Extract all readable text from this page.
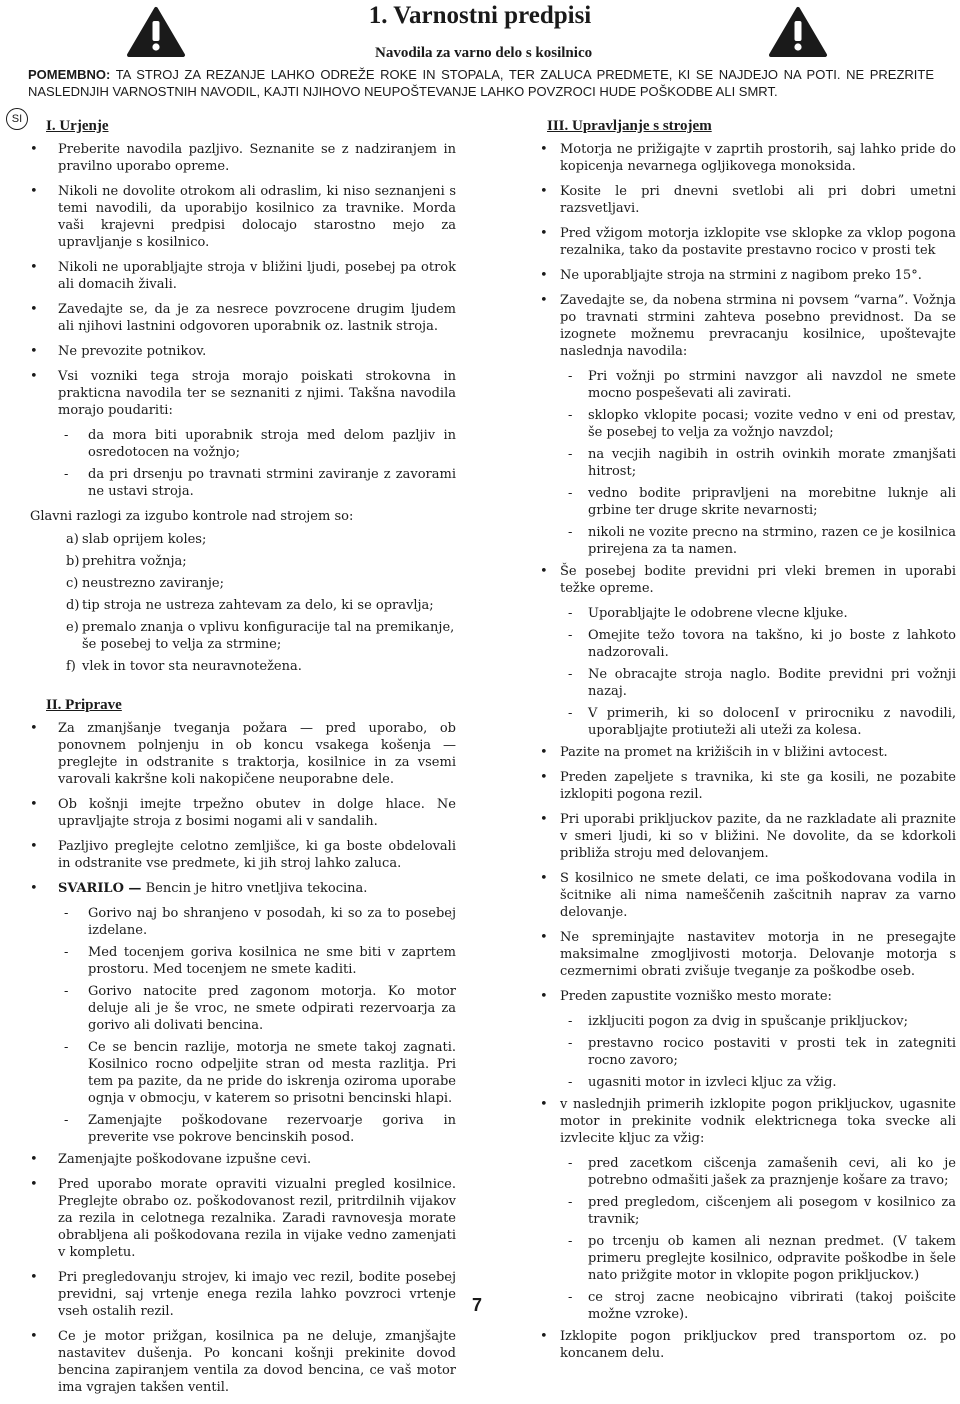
1. Varnostni predpisi
Navodila za varno delo s kosilnico
POMEMBNO: TA STROJ ZA REZANJE LAHKO ODREŽE ROKE IN STOPALA, TER ZALUCA PREDMETE, KI SE NAJDEJO NA POTI. NE PREZRITE NASLEDNJIH VARNOSTNIH NAVODIL, KAJTI NJIHOVO NEUPOŠTEVANJE LAHKO POVZROCI HUDE POŠKODBE ALI SMRT.
SI	I. Urjenje

• Preberite navodila pazljivo. Seznanite se z nadziranjem in pravilno uporabo opreme.

• Nikoli ne dovolite otrokom ali odraslim, ki niso seznanjeni s temi navodili, da uporabijo kosilnico za travnike. Morda vaši krajevni predpisi dolocajo starostno mejo za upravljanje s kosilnico.

• Nikoli ne uporabljajte stroja v bližini ljudi, posebej pa otrok ali domacih živali.

• Zavedajte se, da je za nesrece povzrocene drugim ljudem ali njihovi lastnini odgovoren uporabnik oz. lastnik stroja.

• Ne prevozite potnikov.

• Vsi vozniki tega stroja morajo poiskati strokovna in prakticna navodila ter se seznaniti z njimi. Takšna navodila morajo poudariti:

- da mora biti uporabnik stroja med delom pazljiv in osredotocen na vožnjo;

- da pri drsenju po travnati strmini zaviranje z zavorami ne ustavi stroja.

Glavni razlogi za izgubo kontrole nad strojem so:

a) slab oprijem koles;

b) prehitra vožnja;

c) neustrezno zaviranje;

d) tip stroja ne ustreza zahtevam za delo, ki se opravlja;

e) premalo znanja o vplivu konfiguracije tal na premikanje, še posebej to velja za strmine;

f) vlek in tovor sta neuravnotežena.

II. Priprave

• Za zmanjšanje tveganja požara — pred uporabo, ob ponovnem polnjenju in ob koncu vsakega košenja — preglejte in odstranite s traktorja, kosilnice in za vsemi varovali kakršne koli nakopičene neuporabne dele.

• Ob košnji imejte trpežno obutev in dolge hlace. Ne upravljajte stroja z bosimi nogami ali v sandalih.

• Pazljivo preglejte celotno zemljišce, ki ga boste obdelovali in odstranite vse predmete, ki jih stroj lahko zaluca.

• SVARILO — Bencin je hitro vnetljiva tekocina.

- Gorivo naj bo shranjeno v posodah, ki so za to posebej izdelane.

- Med tocenjem goriva kosilnica ne sme biti v zaprtem prostoru. Med tocenjem ne smete kaditi.

- Gorivo natocite pred zagonom motorja. Ko motor deluje ali je še vroc, ne smete odpirati rezervoarja za gorivo ali dolivati bencina.

- Ce se bencin razlije, motorja ne smete takoj zagnati. Kosilnico rocno odpeljite stran od mesta razlitja. Pri tem pa pazite, da ne pride do iskrenja oziroma uporabe ognja v obmocju, v katerem so prisotni bencinski hlapi.

- Zamenjajte poškodovane rezervoarje goriva in preverite vse pokrove bencinskih posod.

• Zamenjajte poškodovane izpušne cevi.

• Pred uporabo morate opraviti vizualni pregled kosilnice. Preglejte obrabo oz. poškodovanost rezil, pritrdilnih vijakov za rezila in celotnega rezalnika. Zaradi ravnovesja morate obrabljena ali poškodovana rezila in vijake vedno zamenjati v kompletu.

• Pri pregledovanju strojev, ki imajo vec rezil, bodite posebej previdni, saj vrtenje enega rezila lahko povzroci vrtenje vseh ostalih rezil.

• Ce je motor prižgan, kosilnica pa ne deluje, zmanjšajte nastavitev dušenja. Po koncani košnji prekinite dovod bencina zapiranjem ventila za dovod bencina, ce vaš motor ima vgrajen takšen ventil.

III. Upravljanje s strojem

• Motorja ne prižigajte v zaprtih prostorih, saj lahko pride do kopicenja nevarnega ogljikovega monoksida.

• Kosite le pri dnevni svetlobi ali pri dobri umetni razsvetljavi.

• Pred vžigom motorja izklopite vse sklopke za vklop pogona rezalnika, tako da postavite prestavno rocico v prosti tek

• Ne uporabljajte stroja na strmini z nagibom preko 15°.

• Zavedajte se, da nobena strmina ni povsem “varna”. Vožnja po travnati strmini zahteva posebno previdnost. Da se izognete možnemu prevracanju kosilnice, upoštevajte naslednja navodila:

- Pri vožnji po strmini navzgor ali navzdol ne smete mocno pospeševati ali zavirati.

- sklopko vklopite pocasi; vozite vedno v eni od prestav, še posebej to velja za vožnjo navzdol;

- na vecjih nagibih in ostrih ovinkih morate zmanjšati hitrost;

- vedno bodite pripravljeni na morebitne luknje ali grbine ter druge skrite nevarnosti;

- nikoli ne vozite precno na strmino, razen ce je kosilnica prirejena za ta namen.

• Še posebej bodite previdni pri vleki bremen in uporabi težke opreme.

- Uporabljajte le odobrene vlecne kljuke.

- Omejite težo tovora na takšno, ki jo boste z lahkoto nadzorovali.

- Ne obracajte stroja naglo. Bodite previdni pri vožnji nazaj.

- V primerih, ki so dolocenI v prirocniku z navodili, uporabljajte protiuteži ali uteži za kolesa.

• Pazite na promet na križišcih in v bližini avtocest.

• Preden zapeljete s travnika, ki ste ga kosili, ne pozabite izklopiti pogona rezil.

• Pri uporabi priklјuckov pazite, da ne razkladate ali praznite v smeri ljudi, ki so v bližini. Ne dovolite, da se kdorkoli približa stroju med delovanjem.

• S kosilnico ne smete delati, ce ima poškodovana vodila in šcitnike ali nima nameščenih zašcitnih naprav za varno delovanje.

• Ne spreminjajte nastavitev motorja in ne presegajte maksimalne zmogljivosti motorja. Delovanje motorja s cezmernimi obrati zvišuje tveganje za poškodbe oseb.

• Preden zapustite vozniško mesto morate:

- izklјuciti pogon za dvig in spušcanje priklјuckov;

- prestavno rocico postaviti v prosti tek in zategniti rocno zavoro;

- ugasniti motor in izvleci kljuc za vžig.

• v naslednjih primerih izklopite pogon priklјuckov, ugasnite motor in prekinite vodnik elektricnega toka svecke ali izvlecite kljuc za vžig:

- pred zacetkom cišcenja zamašenih cevi, ali ko je potrebno odmašiti jašek za praznjenje košare za travo;

- pred pregledom, cišcenjem ali posegom v kosilnico za travnik;

- po trcenju ob kamen ali neznan predmet. (V takem primeru preglejte kosilnico, odpravite poškodbe in šele nato prižgite motor in vklopite pogon priklјuckov.)

- ce stroj zacne neobicajno vibrirati (takoj poišcite možne vzroke).

• Izklopite pogon priklјuckov pred transportom oz. po koncanem delu.

7
